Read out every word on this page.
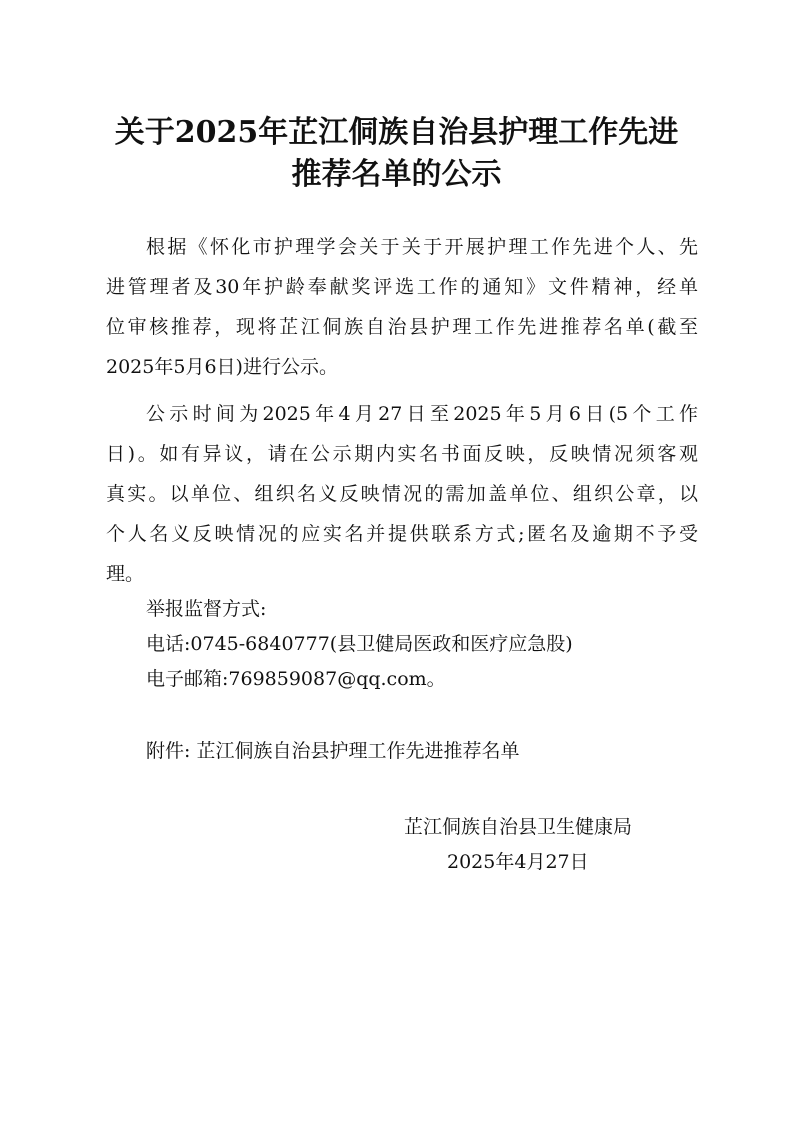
关于2025年芷江侗族自治县护理工作先进
推荐名单的公示
根据《怀化市护理学会关于关于开展护理工作先进个人、先
进管理者及30年护龄奉献奖评选工作的通知》文件精神，经单
位审核推荐，现将芷江侗族自治县护理工作先进推荐名单(截至
2025年5月6日)进行公示。
公示时间为2025年4月27日至2025年5月6日(5个工作
日)。如有异议，请在公示期内实名书面反映，反映情况须客观
真实。以单位、组织名义反映情况的需加盖单位、组织公章，以
个人名义反映情况的应实名并提供联系方式;匿名及逾期不予受
理。
举报监督方式:
电话:0745-6840777(县卫健局医政和医疗应急股)
电子邮箱:769859087@qq.com。
附件: 芷江侗族自治县护理工作先进推荐名单
芷江侗族自治县卫生健康局
2025年4月27日
